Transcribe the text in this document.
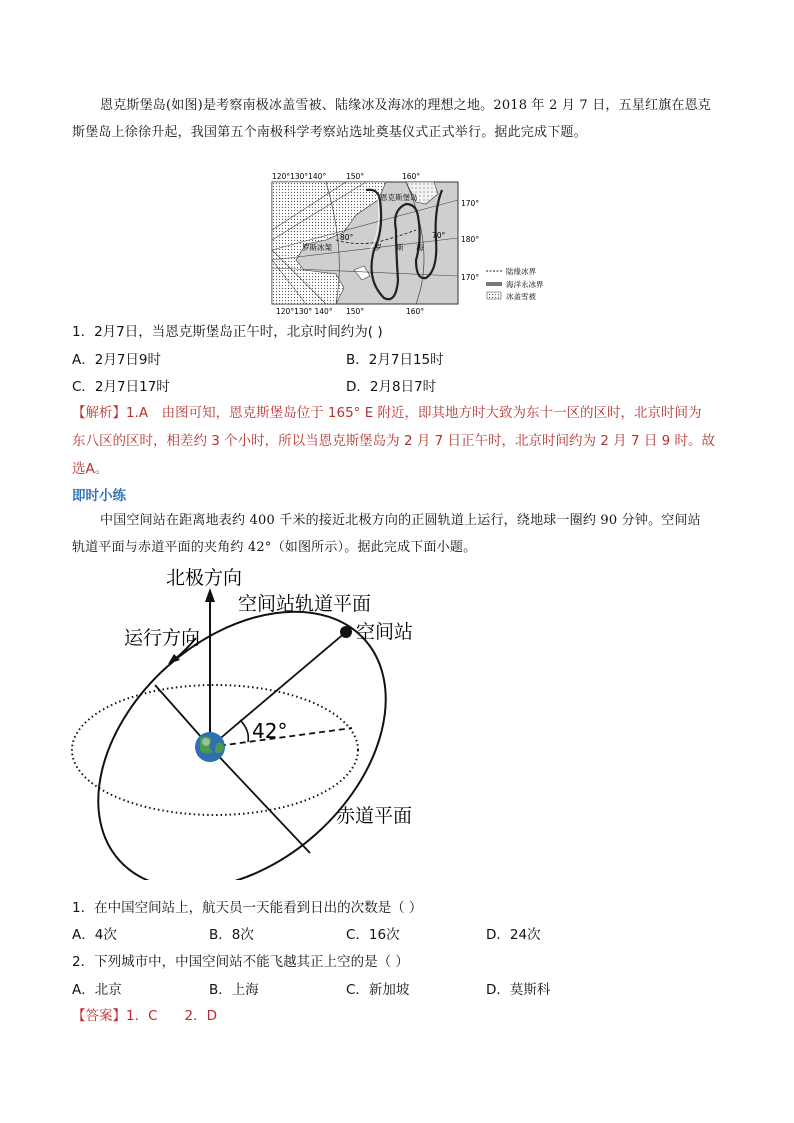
恩克斯堡岛(如图)是考察南极冰盖雪被、陆缘冰及海冰的理想之地。2018 年 2 月 7 日，五星红旗在恩克
斯堡岛上徐徐升起，我国第五个南极科学考察站选址奠基仪式正式举行。据此完成下题。
120°130°140°	150°	160°
120°130° 140° 150°	160°
170°
180°
170°
恩克斯堡岛
80°	70°
罗斯冰架	罗 斯 海
陆缘冰界
海洋永冰界
冰盖雪被
1．2月7日，当恩克斯堡岛正午时，北京时间约为( )
A．2月7日9时	B．2月7日15时
C．2月7日17时	D．2月8日7时
【解析】1.A　由图可知，恩克斯堡岛位于 165° E 附近，即其地方时大致为东十一区的区时，北京时间为
东八区的区时，相差约 3 个小时，所以当恩克斯堡岛为 2 月 7 日正午时，北京时间约为 2 月 7 日 9 时。故
选A。
即时小练
中国空间站在距离地表约 400 千米的接近北极方向的正圆轨道上运行，绕地球一圈约 90 分钟。空间站
轨道平面与赤道平面的夹角约 42°（如图所示）。据此完成下面小题。
北极方向
空间站轨道平面
空间站
运行方向
42°
赤道平面
1．在中国空间站上，航天员一天能看到日出的次数是（ ）
A．4次	B．8次	C．16次	D．24次
2．下列城市中，中国空间站不能飞越其正上空的是（ ）
A．北京	B．上海	C．新加坡	D．莫斯科
【答案】1．C　　2．D
